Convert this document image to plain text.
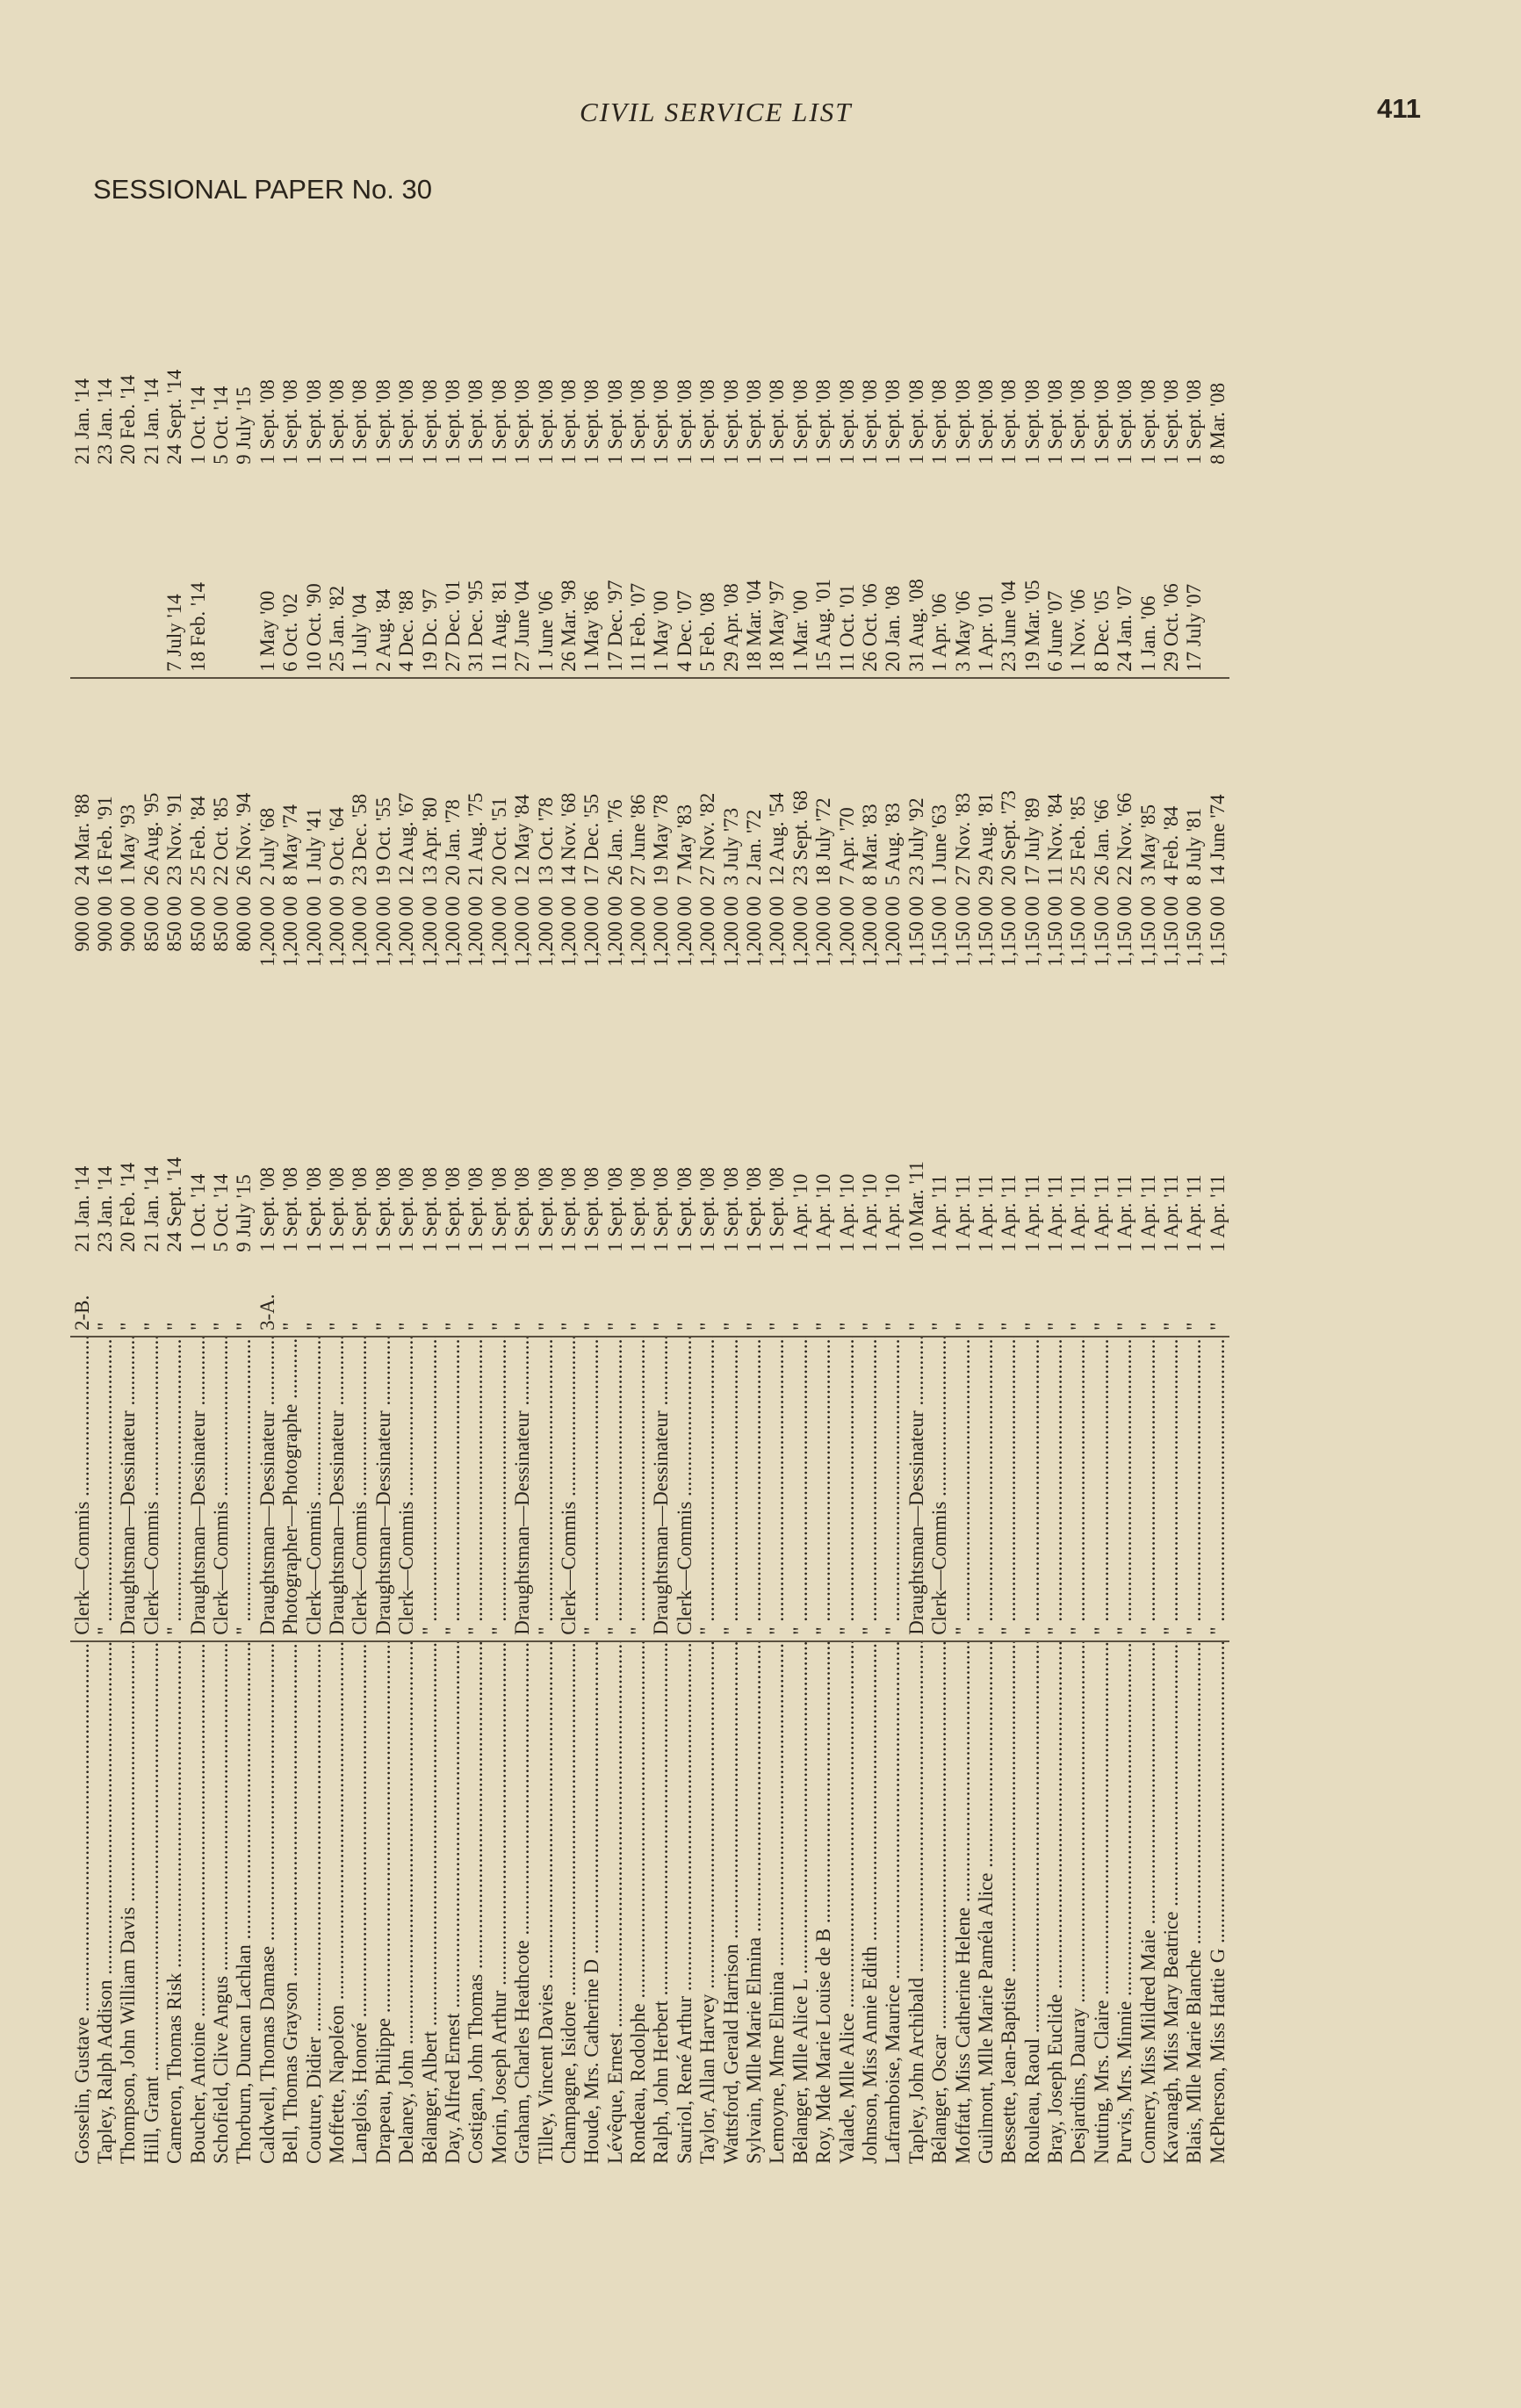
CIVIL SERVICE LIST	411
SESSIONAL PAPER No. 30
Gosselin, Gustave .....	Clerk—Commis .....	2-B.	21 Jan. '14	900 00	24 Mar. '88		21 Jan. '14
Tapley, Ralph Addison .....	" .....	"	23 Jan. '14	900 00	16 Feb. '91		23 Jan. '14
Thompson, John William Davis .....	Draughtsman—Dessinateur .....	"	20 Feb. '14	900 00	1 May '93		20 Feb. '14
Hill, Grant .....	Clerk—Commis .....	"	21 Jan. '14	850 00	26 Aug. '95		21 Jan. '14
Cameron, Thomas Risk .....	" .....	"	24 Sept. '14	850 00	23 Nov. '91	7 July '14	24 Sept. '14
Boucher, Antoine .....	Draughtsman—Dessinateur .....	"	1 Oct. '14	850 00	25 Feb. '84	18 Feb. '14	1 Oct. '14
Schofield, Clive Angus .....	Clerk—Commis .....	"	5 Oct. '14	850 00	22 Oct. '85		5 Oct. '14
Thorburn, Duncan Lachlan .....	" .....	"	9 July '15	800 00	26 Nov. '94		9 July '15
Caldwell, Thomas Damase .....	Draughtsman—Dessinateur .....	3-A.	1 Sept. '08	1,200 00	2 July '68	1 May '00	1 Sept. '08
Bell, Thomas Grayson .....	Photographer—Photographe .....	"	1 Sept. '08	1,200 00	8 May '74	6 Oct. '02	1 Sept. '08
Couture, Didier .....	Clerk—Commis .....	"	1 Sept. '08	1,200 00	1 July '41	10 Oct. '90	1 Sept. '08
Moffette, Napoléon .....	Draughtsman—Dessinateur .....	"	1 Sept. '08	1,200 00	9 Oct. '64	25 Jan. '82	1 Sept. '08
Langlois, Honoré .....	Clerk—Commis .....	"	1 Sept. '08	1,200 00	23 Dec. '58	1 July '04	1 Sept. '08
Drapeau, Philippe .....	Draughtsman—Dessinateur .....	"	1 Sept. '08	1,200 00	19 Oct. '55	2 Aug. '84	1 Sept. '08
Delaney, John .....	Clerk—Commis .....	"	1 Sept. '08	1,200 00	12 Aug. '67	4 Dec. '88	1 Sept. '08
Bélanger, Albert .....	" .....	"	1 Sept. '08	1,200 00	13 Apr. '80	19 Dc. '97	1 Sept. '08
Day, Alfred Ernest .....	" .....	"	1 Sept. '08	1,200 00	20 Jan. '78	27 Dec. '01	1 Sept. '08
Costigan, John Thomas .....	" .....	"	1 Sept. '08	1,200 00	21 Aug. '75	31 Dec. '95	1 Sept. '08
Morin, Joseph Arthur .....	" .....	"	1 Sept. '08	1,200 00	20 Oct. '51	11 Aug. '81	1 Sept. '08
Graham, Charles Heathcote .....	Draughtsman—Dessinateur .....	"	1 Sept. '08	1,200 00	12 May '84	27 June '04	1 Sept. '08
Tilley, Vincent Davies .....	" .....	"	1 Sept. '08	1,200 00	13 Oct. '78	1 June '06	1 Sept. '08
Champagne, Isidore .....	Clerk—Commis .....	"	1 Sept. '08	1,200 00	14 Nov. '68	26 Mar. '98	1 Sept. '08
Houde, Mrs. Catherine D .....	" .....	"	1 Sept. '08	1,200 00	17 Dec. '55	1 May '86	1 Sept. '08
Lévêque, Ernest .....	" .....	"	1 Sept. '08	1,200 00	26 Jan. '76	17 Dec. '97	1 Sept. '08
Rondeau, Rodolphe .....	" .....	"	1 Sept. '08	1,200 00	27 June '86	11 Feb. '07	1 Sept. '08
Ralph, John Herbert .....	Draughtsman—Dessinateur .....	"	1 Sept. '08	1,200 00	19 May '78	1 May '00	1 Sept. '08
Sauriol, René Arthur .....	Clerk—Commis .....	"	1 Sept. '08	1,200 00	7 May '83	4 Dec. '07	1 Sept. '08
Taylor, Allan Harvey .....	" .....	"	1 Sept. '08	1,200 00	27 Nov. '82	5 Feb. '08	1 Sept. '08
Wattsford, Gerald Harrison .....	" .....	"	1 Sept. '08	1,200 00	3 July '73	29 Apr. '08	1 Sept. '08
Sylvain, Mlle Marie Elmina .....	" .....	"	1 Sept. '08	1,200 00	2 Jan. '72	18 Mar. '04	1 Sept. '08
Lemoyne, Mme Elmina .....	" .....	"	1 Sept. '08	1,200 00	12 Aug. '54	18 May '97	1 Sept. '08
Bélanger, Mlle Alice L .....	" .....	"	1 Apr. '10	1,200 00	23 Sept. '68	1 Mar. '00	1 Sept. '08
Roy, Mde Marie Louise de B .....	" .....	"	1 Apr. '10	1,200 00	18 July '72	15 Aug. '01	1 Sept. '08
Valade, Mlle Alice .....	" .....	"	1 Apr. '10	1,200 00	7 Apr. '70	11 Oct. '01	1 Sept. '08
Johnson, Miss Annie Edith .....	" .....	"	1 Apr. '10	1,200 00	8 Mar. '83	26 Oct. '06	1 Sept. '08
Laframboise, Maurice .....	" .....	"	1 Apr. '10	1,200 00	5 Aug. '83	20 Jan. '08	1 Sept. '08
Tapley, John Archibald .....	Draughtsman—Dessinateur .....	"	10 Mar. '11	1,150 00	23 July '92	31 Aug. '08	1 Sept. '08
Bélanger, Oscar .....	Clerk—Commis .....	"	1 Apr. '11	1,150 00	1 June '63	1 Apr. '06	1 Sept. '08
Moffatt, Miss Catherine Helene .....	" .....	"	1 Apr. '11	1,150 00	27 Nov. '83	3 May '06	1 Sept. '08
Guilmont, Mlle Marie Paméla Alice .....	" .....	"	1 Apr. '11	1,150 00	29 Aug. '81	1 Apr. '01	1 Sept. '08
Bessette, Jean-Baptiste .....	" .....	"	1 Apr. '11	1,150 00	20 Sept. '73	23 June '04	1 Sept. '08
Rouleau, Raoul .....	" .....	"	1 Apr. '11	1,150 00	17 July '89	19 Mar. '05	1 Sept. '08
Bray, Joseph Euclide .....	" .....	"	1 Apr. '11	1,150 00	11 Nov. '84	6 June '07	1 Sept. '08
Desjardins, Dauray .....	" .....	"	1 Apr. '11	1,150 00	25 Feb. '85	1 Nov. '06	1 Sept. '08
Nutting, Mrs. Claire .....	" .....	"	1 Apr. '11	1,150 00	26 Jan. '66	8 Dec. '05	1 Sept. '08
Purvis, Mrs. Minnie .....	" .....	"	1 Apr. '11	1,150 00	22 Nov. '66	24 Jan. '07	1 Sept. '08
Connery, Miss Mildred Maie .....	" .....	"	1 Apr. '11	1,150 00	3 May '85	1 Jan. '06	1 Sept. '08
Kavanagh, Miss Mary Beatrice .....	" .....	"	1 Apr. '11	1,150 00	4 Feb. '84	29 Oct. '06	1 Sept. '08
Blais, Mlle Marie Blanche .....	" .....	"	1 Apr. '11	1,150 00	8 July '81	17 July '07	1 Sept. '08
McPherson, Miss Hattie G .....	" .....	"	1 Apr. '11	1,150 00	14 June '74		8 Mar. '08
